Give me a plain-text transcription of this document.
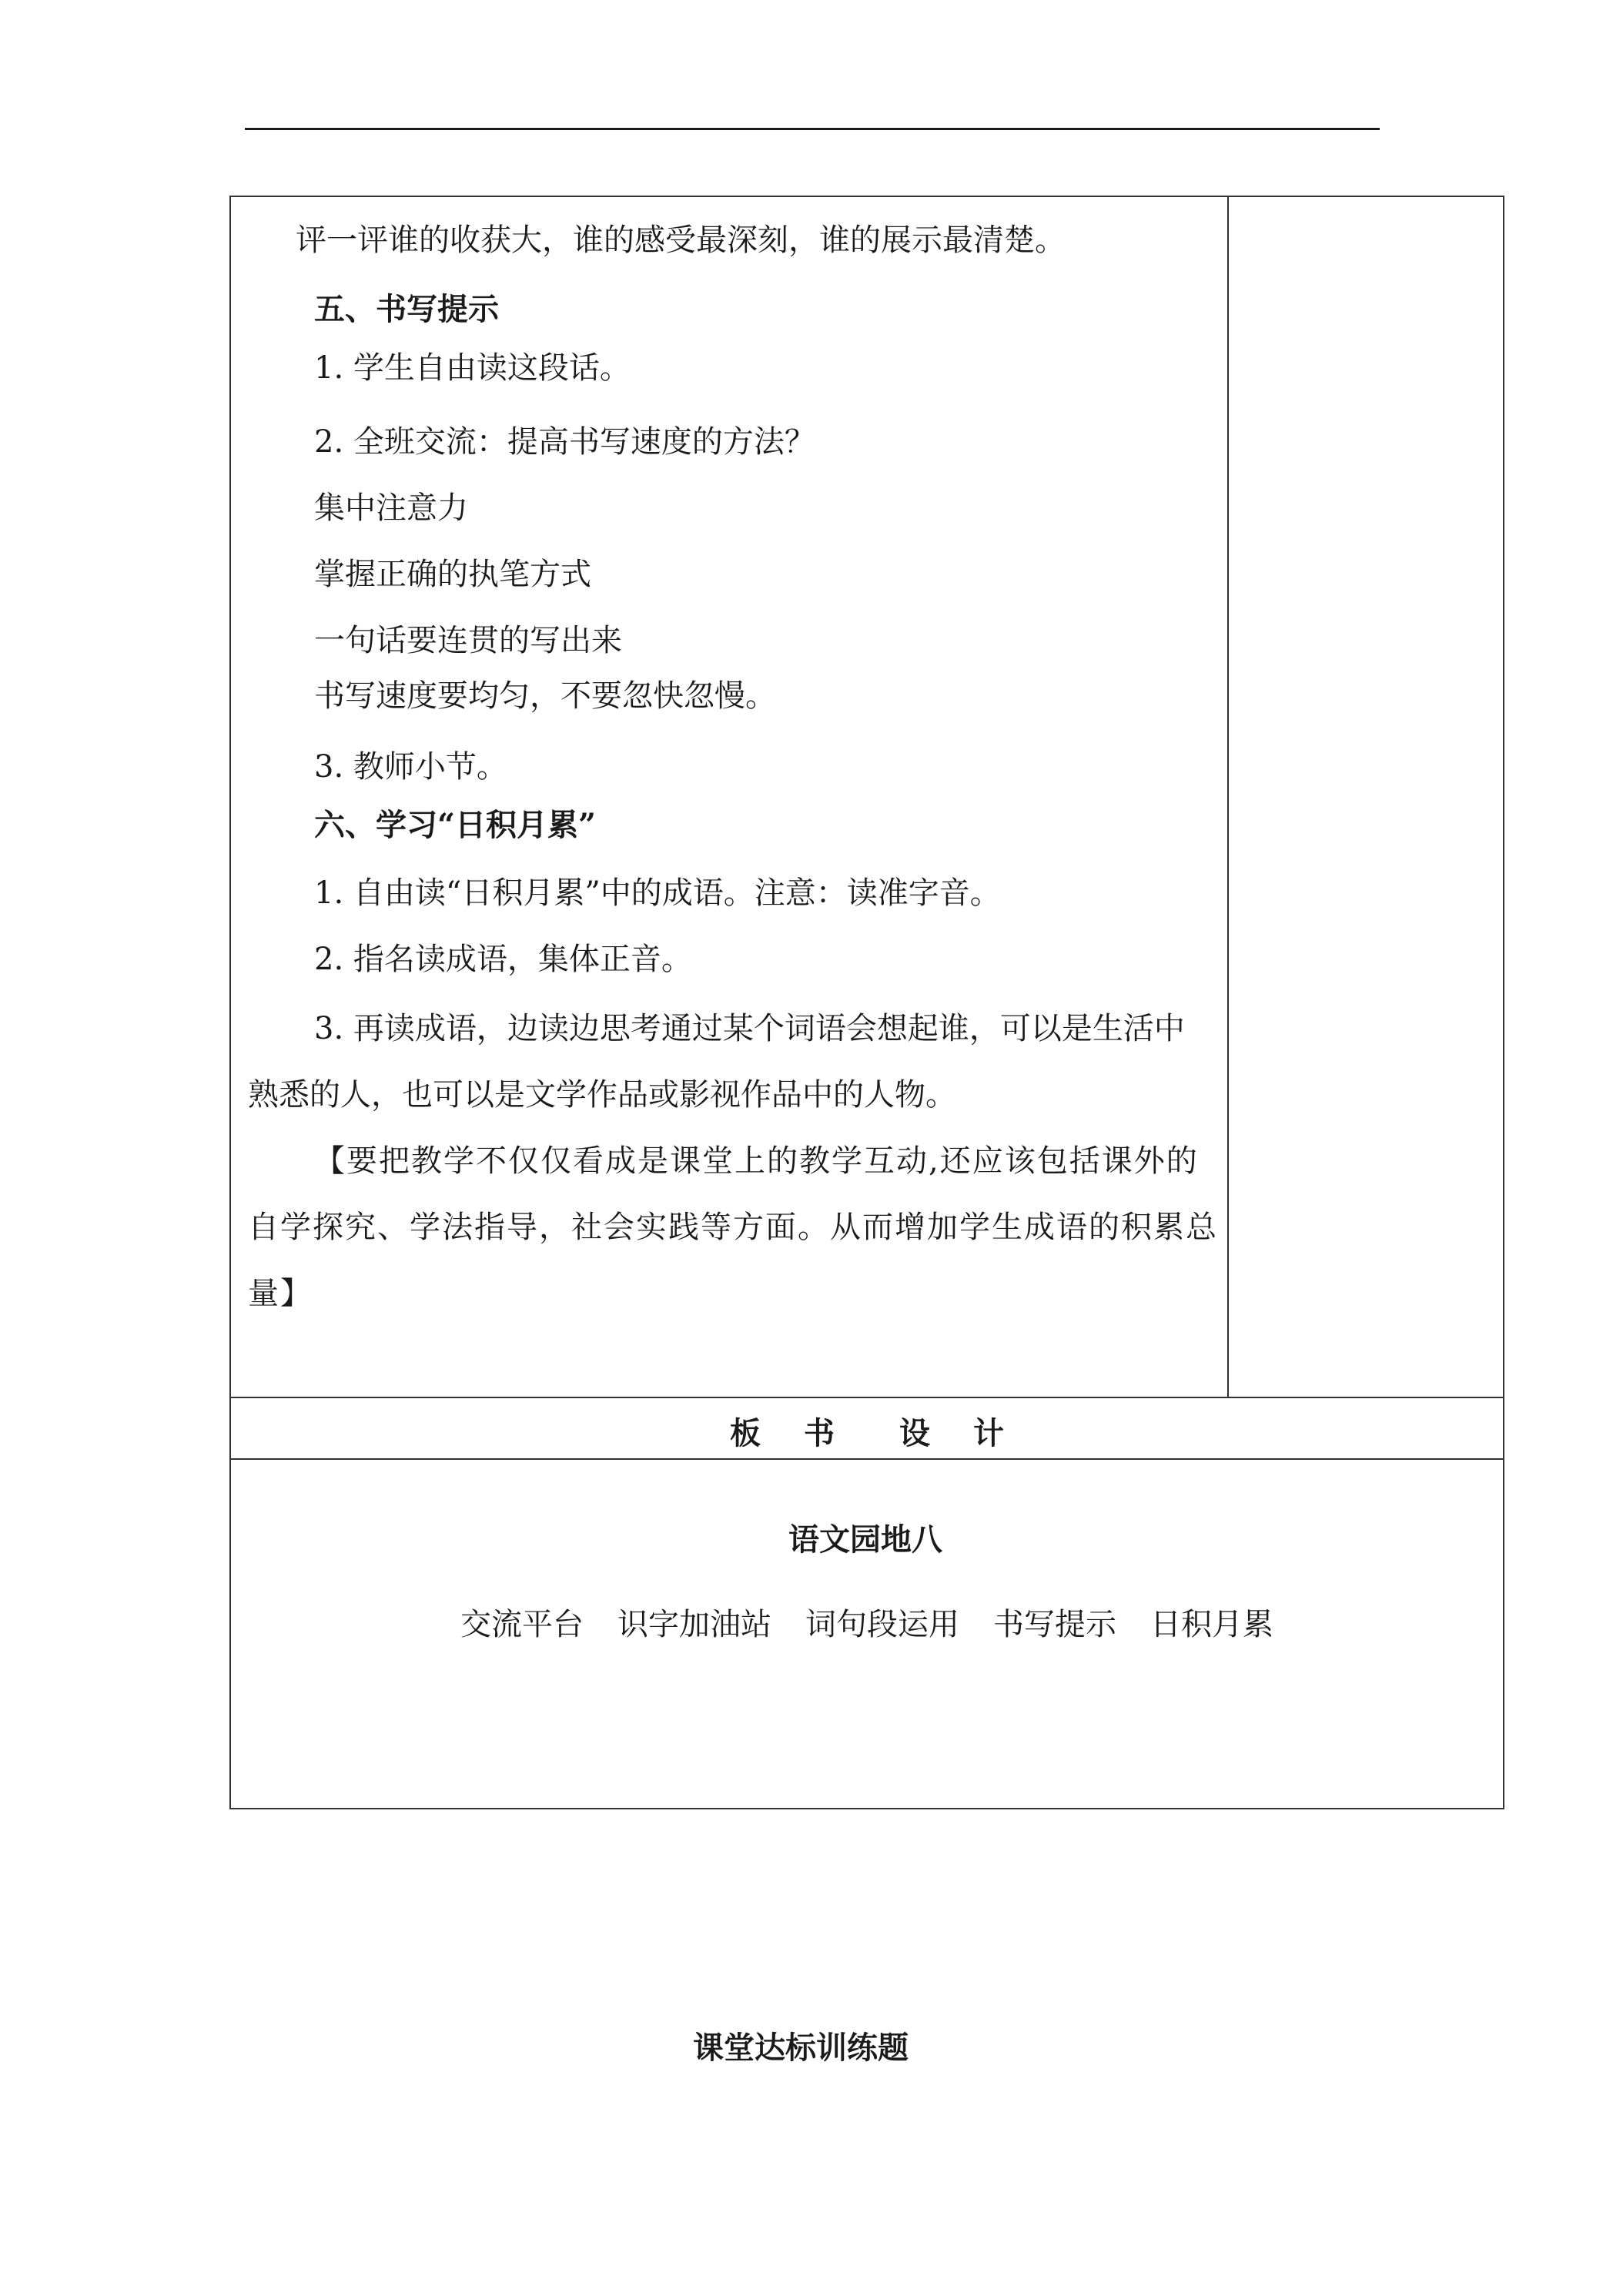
评一评谁的收获大，谁的感受最深刻，谁的展示最清楚。
五、书写提示
1. 学生自由读这段话。
2. 全班交流：提高书写速度的方法？
集中注意力
掌握正确的执笔方式
一句话要连贯的写出来
书写速度要均匀，不要忽快忽慢。
3. 教师小节。
六、学习“日积月累”
1. 自由读“日积月累”中的成语。注意：读准字音。
2. 指名读成语，集体正音。
3. 再读成语，边读边思考通过某个词语会想起谁，可以是生活中
熟悉的人，也可以是文学作品或影视作品中的人物。
【要把教学不仅仅看成是课堂上的教学互动,还应该包括课外的
自学探究、学法指导，社会实践等方面。从而增加学生成语的积累总
量】
板 书 设 计
语文园地八
交流平台 识字加油站 词句段运用 书写提示 日积月累
课堂达标训练题
